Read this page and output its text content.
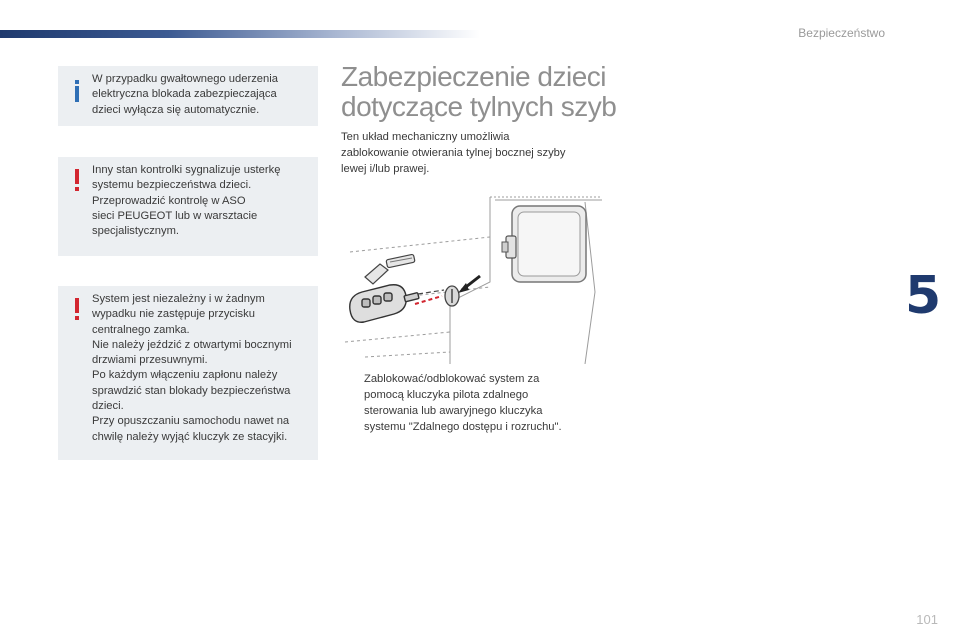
Bezpieczeństwo
W przypadku gwałtownego uderzenia
elektryczna blokada zabezpieczająca
dzieci wyłącza się automatycznie.
Inny stan kontrolki sygnalizuje usterkę
systemu bezpieczeństwa dzieci.
Przeprowadzić kontrolę w ASO
sieci PEUGEOT lub w warsztacie
specjalistycznym.
System jest niezależny i w żadnym
wypadku nie zastępuje przycisku
centralnego zamka.
Nie należy jeździć z otwartymi bocznymi
drzwiami przesuwnymi.
Po każdym włączeniu zapłonu należy
sprawdzić stan blokady bezpieczeństwa
dzieci.
Przy opuszczaniu samochodu nawet na
chwilę należy wyjąć kluczyk ze stacyjki.
Zabezpieczenie dzieci
dotyczące tylnych szyb
Ten układ mechaniczny umożliwia
zablokowanie otwierania tylnej bocznej szyby
lewej i/lub prawej.
Zablokować/odblokować system za
pomocą kluczyka pilota zdalnego
sterowania lub awaryjnego kluczyka
systemu "Zdalnego dostępu i rozruchu".
5
101
